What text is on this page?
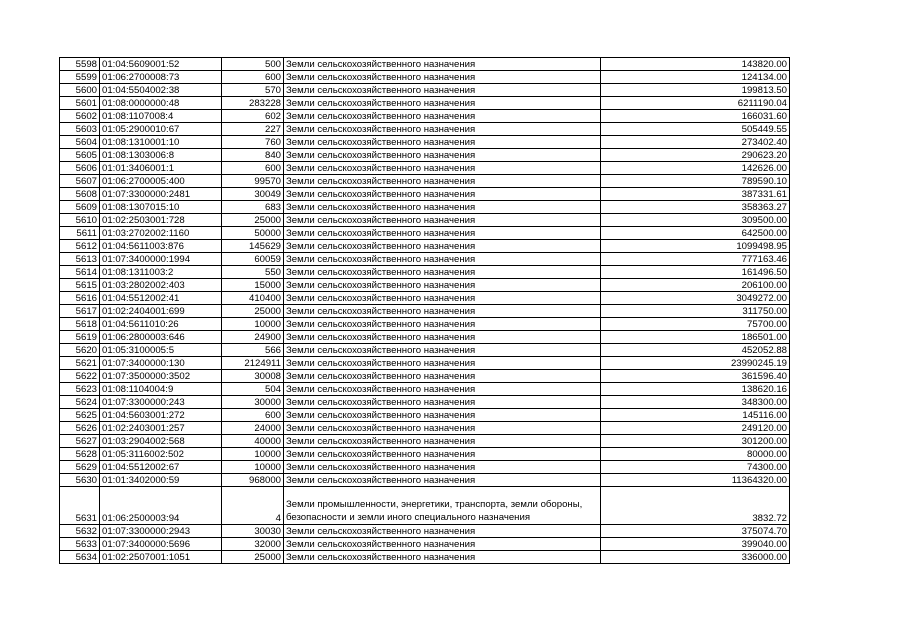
5598	01:04:5609001:52	500	Земли сельскохозяйственного назначения	143820.00
5599	01:06:2700008:73	600	Земли сельскохозяйственного назначения	124134.00
5600	01:04:5504002:38	570	Земли сельскохозяйственного назначения	199813.50
5601	01:08:0000000:48	283228	Земли сельскохозяйственного назначения	6211190.04
5602	01:08:1107008:4	602	Земли сельскохозяйственного назначения	166031.60
5603	01:05:2900010:67	227	Земли сельскохозяйственного назначения	505449.55
5604	01:08:1310001:10	760	Земли сельскохозяйственного назначения	273402.40
5605	01:08:1303006:8	840	Земли сельскохозяйственного назначения	290623.20
5606	01:01:3406001:1	600	Земли сельскохозяйственного назначения	142626.00
5607	01:06:2700005:400	99570	Земли сельскохозяйственного назначения	789590.10
5608	01:07:3300000:2481	30049	Земли сельскохозяйственного назначения	387331.61
5609	01:08:1307015:10	683	Земли сельскохозяйственного назначения	358363.27
5610	01:02:2503001:728	25000	Земли сельскохозяйственного назначения	309500.00
5611	01:03:2702002:1160	50000	Земли сельскохозяйственного назначения	642500.00
5612	01:04:5611003:876	145629	Земли сельскохозяйственного назначения	1099498.95
5613	01:07:3400000:1994	60059	Земли сельскохозяйственного назначения	777163.46
5614	01:08:1311003:2	550	Земли сельскохозяйственного назначения	161496.50
5615	01:03:2802002:403	15000	Земли сельскохозяйственного назначения	206100.00
5616	01:04:5512002:41	410400	Земли сельскохозяйственного назначения	3049272.00
5617	01:02:2404001:699	25000	Земли сельскохозяйственного назначения	311750.00
5618	01:04:5611010:26	10000	Земли сельскохозяйственного назначения	75700.00
5619	01:06:2800003:646	24900	Земли сельскохозяйственного назначения	186501.00
5620	01:05:3100005:5	566	Земли сельскохозяйственного назначения	452052.88
5621	01:07:3400000:130	2124911	Земли сельскохозяйственного назначения	23990245.19
5622	01:07:3500000:3502	30008	Земли сельскохозяйственного назначения	361596.40
5623	01:08:1104004:9	504	Земли сельскохозяйственного назначения	138620.16
5624	01:07:3300000:243	30000	Земли сельскохозяйственного назначения	348300.00
5625	01:04:5603001:272	600	Земли сельскохозяйственного назначения	145116.00
5626	01:02:2403001:257	24000	Земли сельскохозяйственного назначения	249120.00
5627	01:03:2904002:568	40000	Земли сельскохозяйственного назначения	301200.00
5628	01:05:3116002:502	10000	Земли сельскохозяйственного назначения	80000.00
5629	01:04:5512002:67	10000	Земли сельскохозяйственного назначения	74300.00
5630	01:01:3402000:59	968000	Земли сельскохозяйственного назначения	11364320.00
5631	01:06:2500003:94	4	Земли промышленности, энергетики, транспорта, земли обороны, безопасности и земли иного специального назначения	3832.72
5632	01:07:3300000:2943	30030	Земли сельскохозяйственного назначения	375074.70
5633	01:07:3400000:5696	32000	Земли сельскохозяйственного назначения	399040.00
5634	01:02:2507001:1051	25000	Земли сельскохозяйственного назначения	336000.00
